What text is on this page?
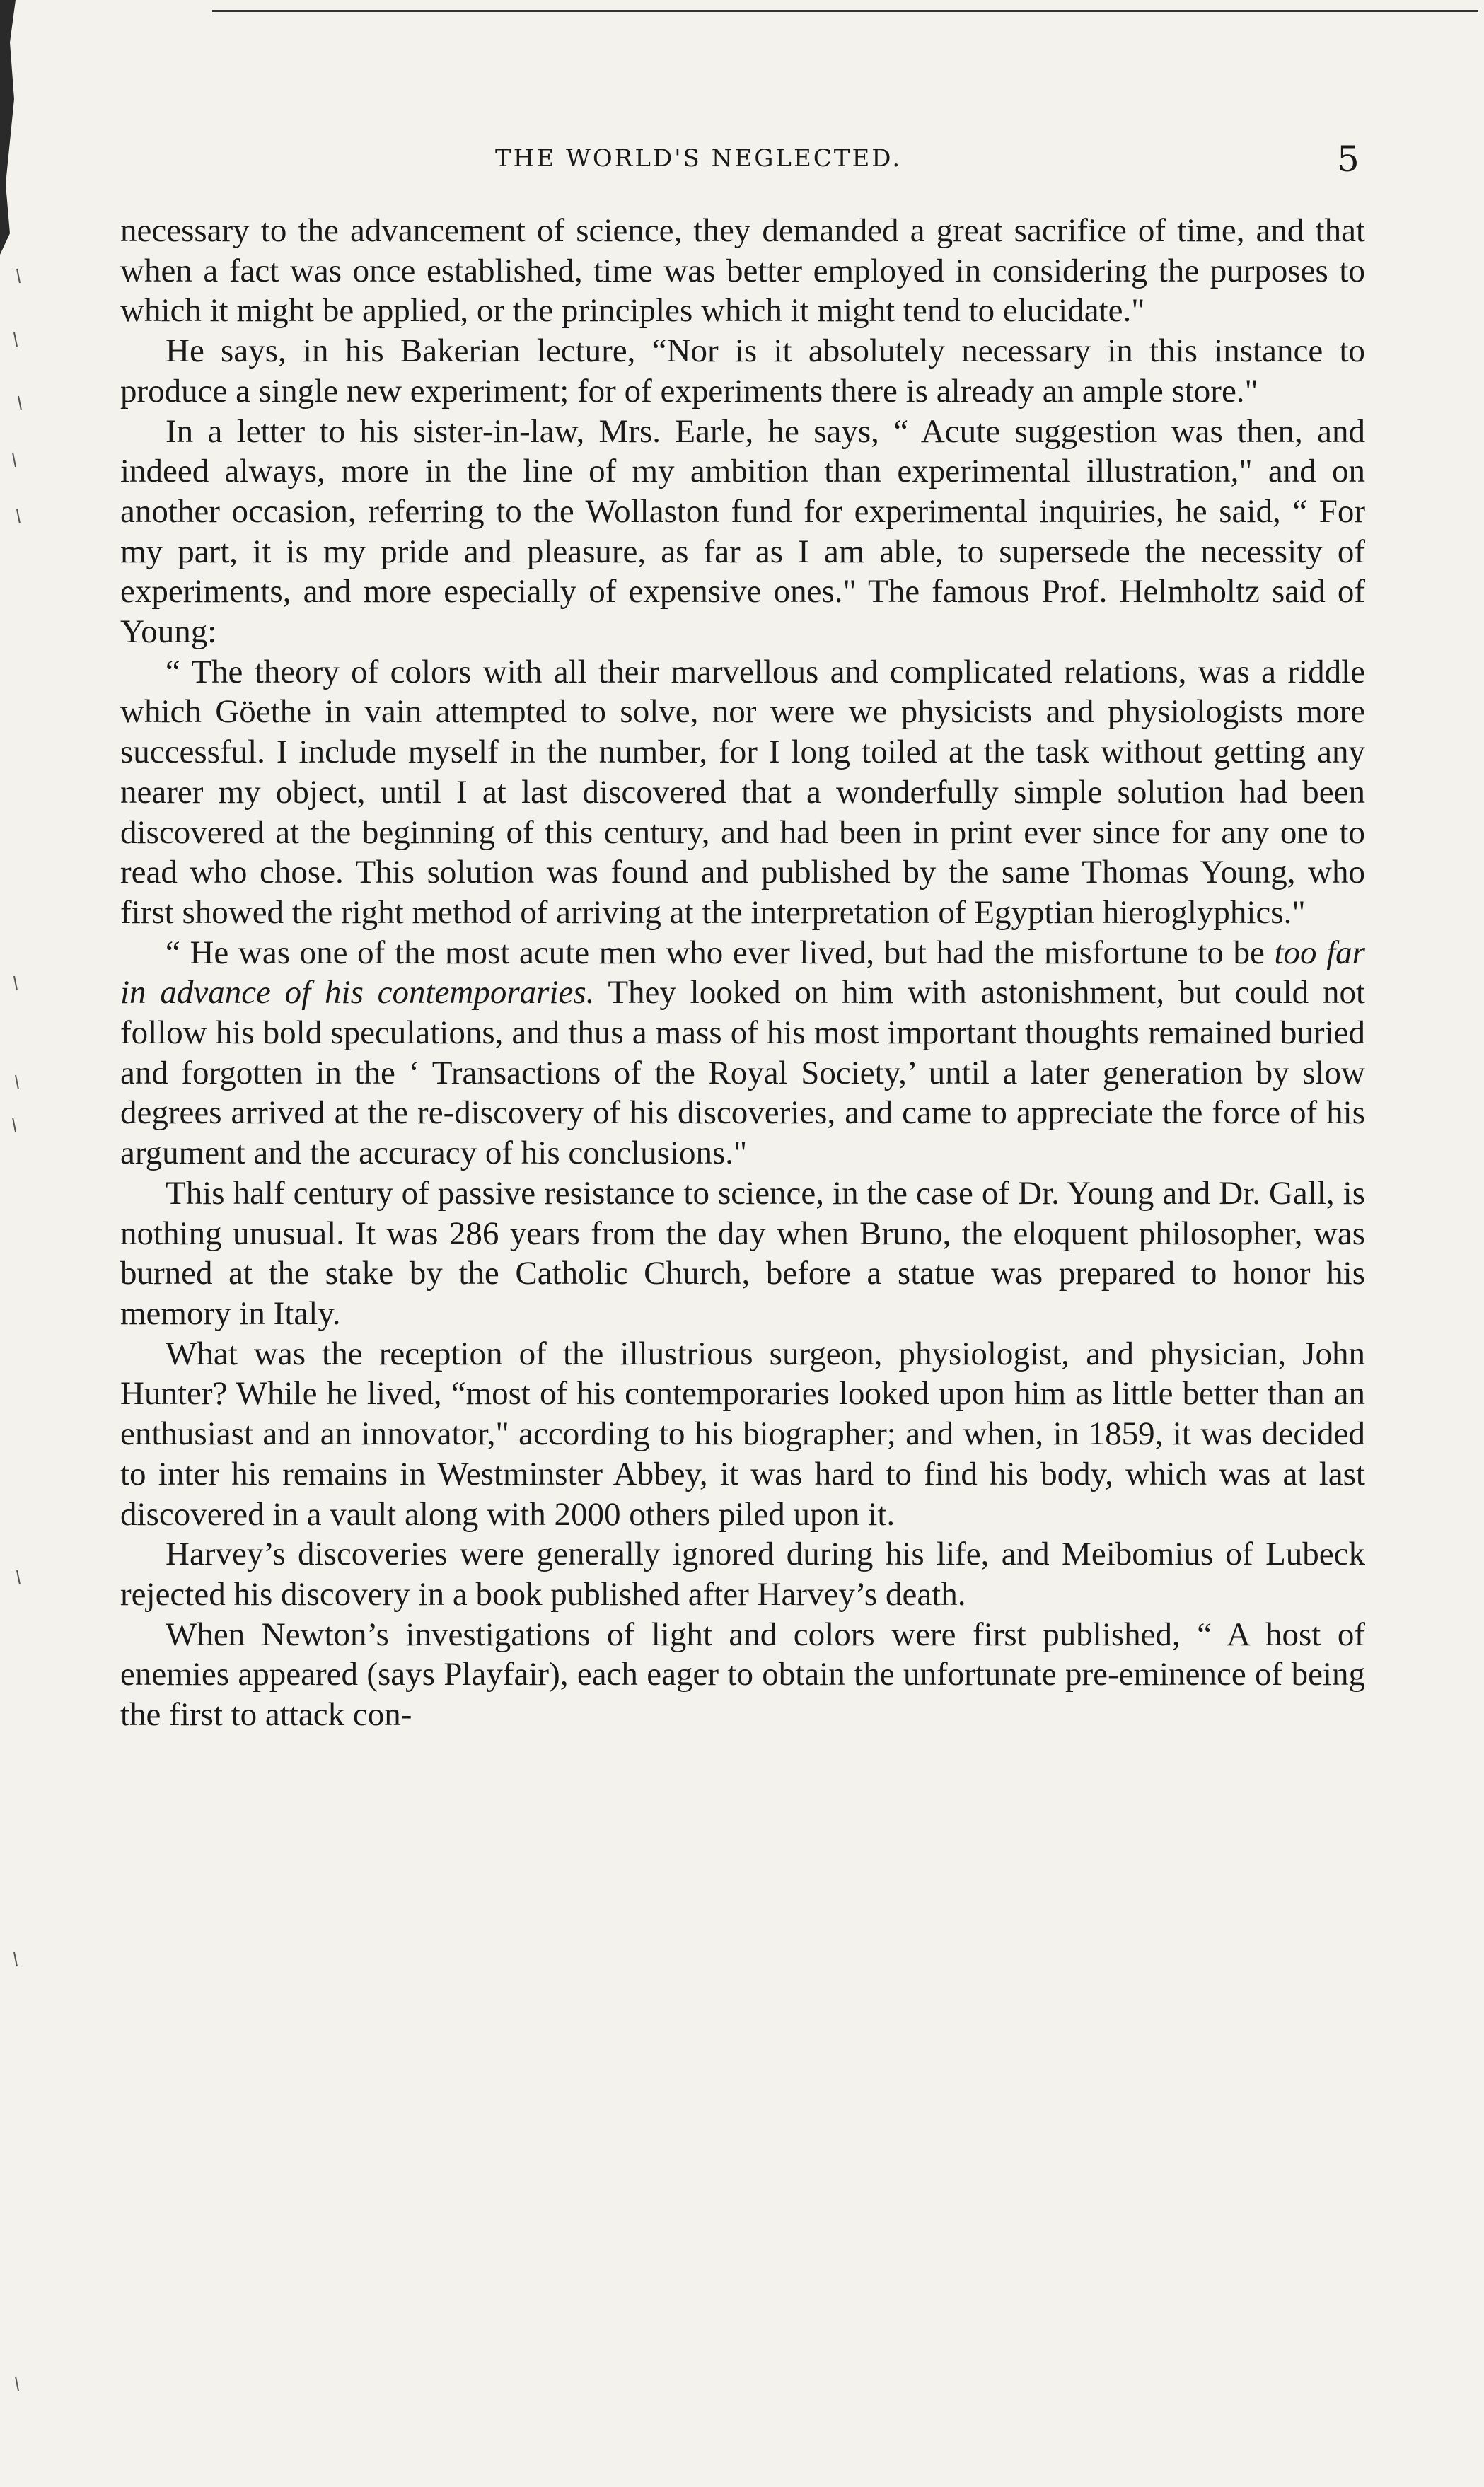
THE WORLD'S NEGLECTED.	5

necessary to the advancement of science, they demanded a great sacrifice of time, and that when a fact was once established, time was better employed in considering the purposes to which it might be applied, or the principles which it might tend to elucidate."

He says, in his Bakerian lecture, “Nor is it absolutely necessary in this instance to produce a single new experiment; for of experiments there is already an ample store."

In a letter to his sister-in-law, Mrs. Earle, he says, “ Acute suggestion was then, and indeed always, more in the line of my ambition than experimental illustration," and on another occasion, referring to the Wollaston fund for experimental inquiries, he said, “ For my part, it is my pride and pleasure, as far as I am able, to supersede the necessity of experiments, and more especially of expensive ones." The famous Prof. Helmholtz said of Young:

“ The theory of colors with all their marvellous and complicated relations, was a riddle which Göethe in vain attempted to solve, nor were we physicists and physiologists more successful. I include myself in the number, for I long toiled at the task without getting any nearer my object, until I at last discovered that a wonderfully simple solution had been discovered at the beginning of this century, and had been in print ever since for any one to read who chose. This solution was found and published by the same Thomas Young, who first showed the right method of arriving at the interpretation of Egyptian hieroglyphics."

“ He was one of the most acute men who ever lived, but had the misfortune to be too far in advance of his contemporaries. They looked on him with astonishment, but could not follow his bold speculations, and thus a mass of his most important thoughts remained buried and forgotten in the ‘ Transactions of the Royal Society,’ until a later generation by slow degrees arrived at the re-discovery of his discoveries, and came to appreciate the force of his argument and the accuracy of his conclusions."

This half century of passive resistance to science, in the case of Dr. Young and Dr. Gall, is nothing unusual. It was 286 years from the day when Bruno, the eloquent philosopher, was burned at the stake by the Catholic Church, before a statue was prepared to honor his memory in Italy.

What was the reception of the illustrious surgeon, physiologist, and physician, John Hunter? While he lived, “most of his contemporaries looked upon him as little better than an enthusiast and an innovator," according to his biographer; and when, in 1859, it was decided to inter his remains in Westminster Abbey, it was hard to find his body, which was at last discovered in a vault along with 2000 others piled upon it.

Harvey’s discoveries were generally ignored during his life, and Meibomius of Lubeck rejected his discovery in a book published after Harvey’s death.

When Newton’s investigations of light and colors were first published, “ A host of enemies appeared (says Playfair), each eager to obtain the unfortunate pre-eminence of being the first to attack con-
